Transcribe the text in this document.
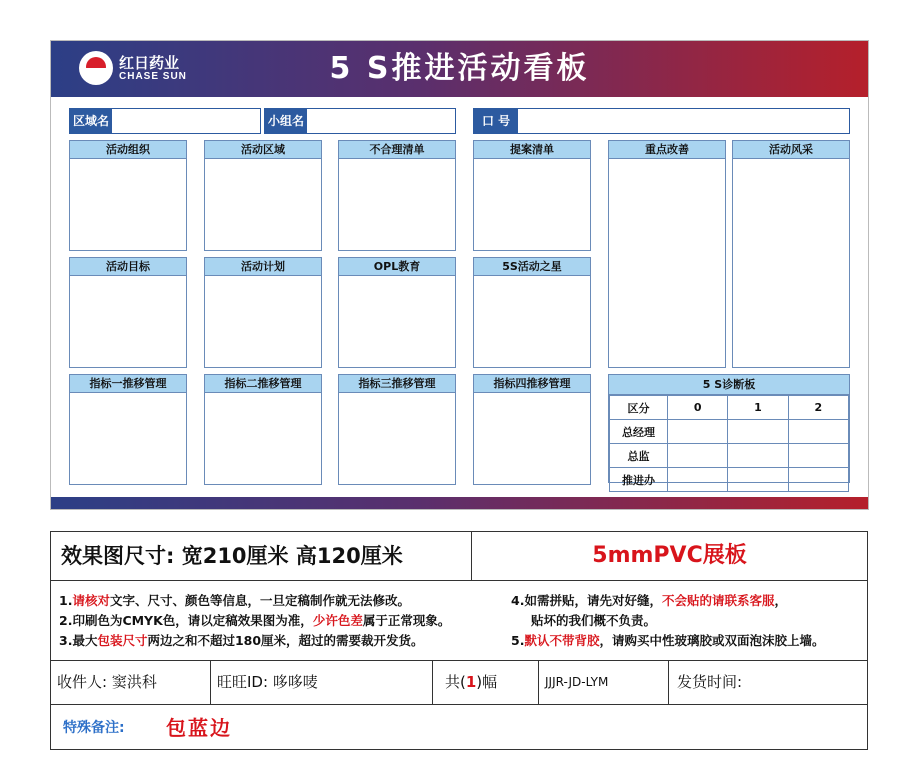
红日药业
CHASE SUN	5 S推进活动看板
区域名	小组名	口 号
活动组织	活动区域	不合理清单	提案清单	重点改善	活动风采
活动目标	活动计划	OPL教育	5S活动之星
指标一推移管理	指标二推移管理	指标三推移管理	指标四推移管理	5 S诊断板
区分	0	1	2
总经理			
总监			
推进办			
效果图尺寸: 宽210厘米 高120厘米	5mmPVC展板
1.请核对文字、尺寸、颜色等信息，一旦定稿制作就无法修改。
2.印刷色为CMYK色，请以定稿效果图为准，少许色差属于正常现象。
3.最大包装尺寸两边之和不超过180厘米，超过的需要裁开发货。
4.如需拼贴，请先对好缝，不会贴的请联系客服，
贴坏的我们概不负责。
5.默认不带背胶，请购买中性玻璃胶或双面泡沫胶上墙。
收件人: 窦洪科	旺旺ID: 哆哆唛	共(1)幅	JJJR-JD-LYM	发货时间:
特殊备注: 包蓝边
